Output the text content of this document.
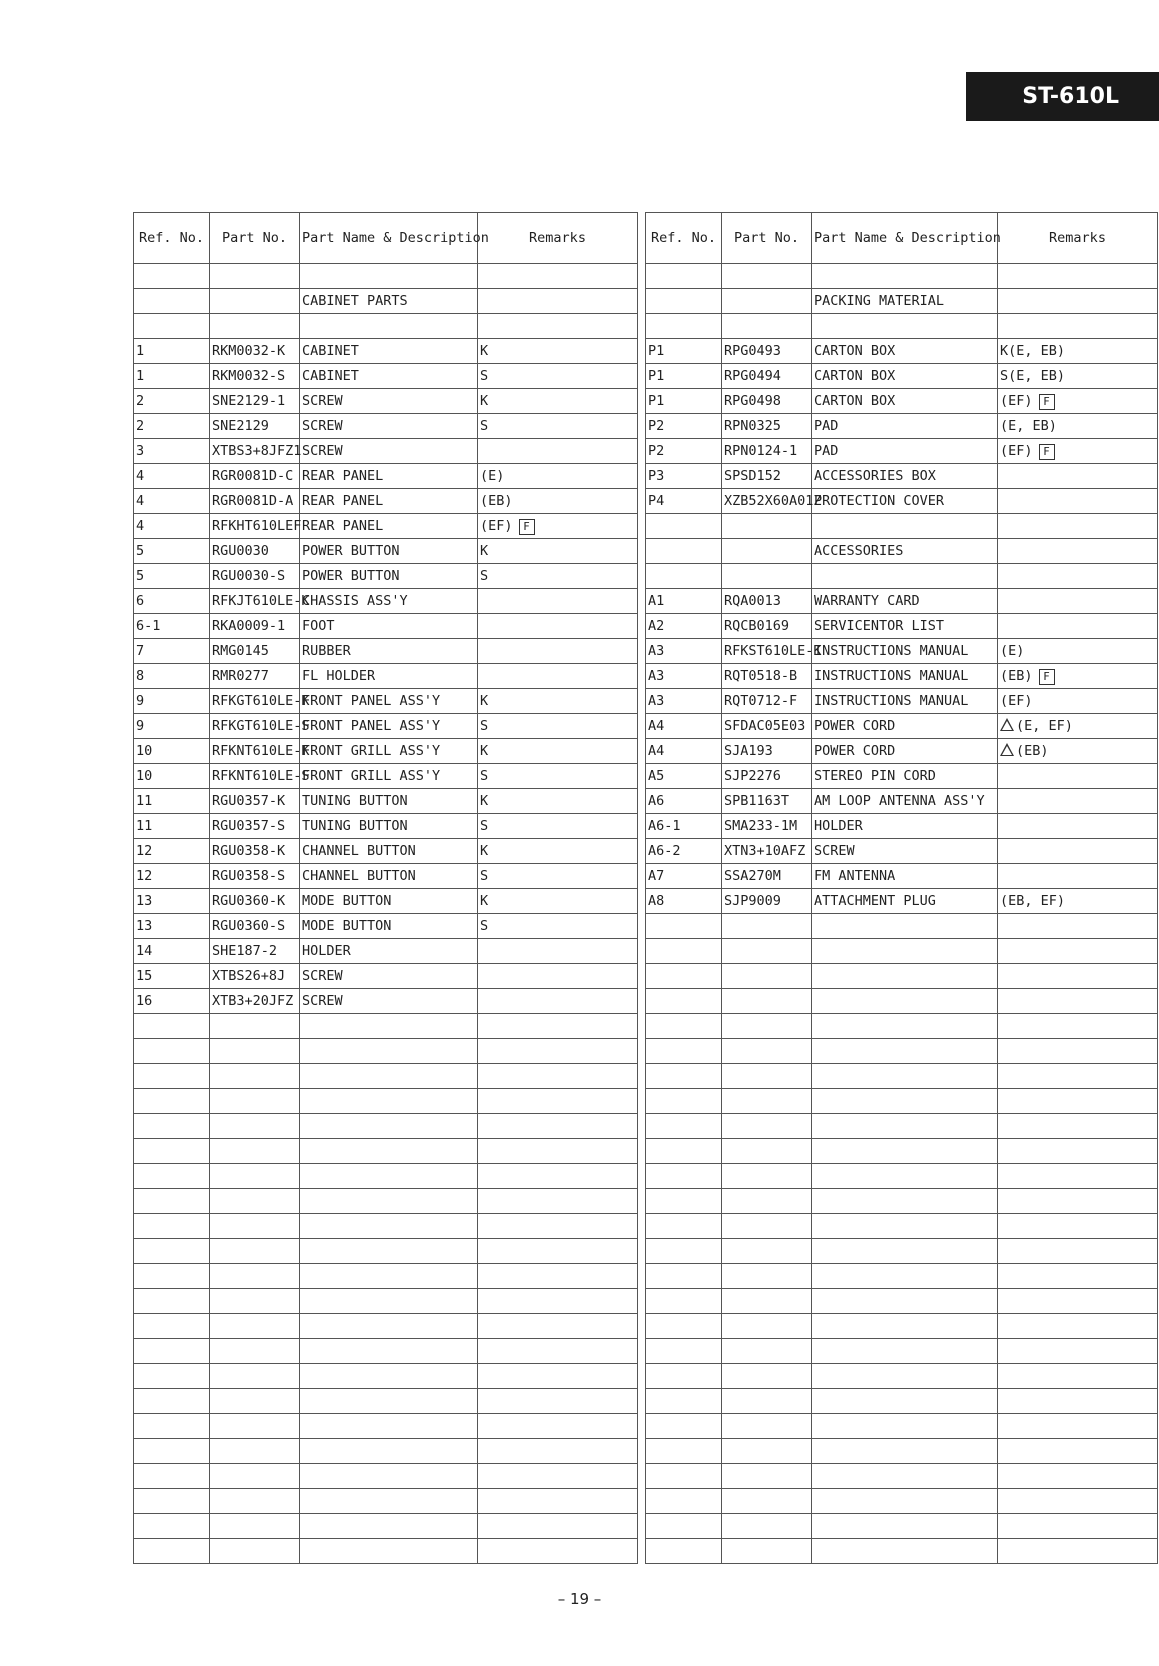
ST-610L
Ref. No.	Part No.	Part Name & Description	Remarks

		CABINET PARTS	

1	RKM0032-K	CABINET	K
1	RKM0032-S	CABINET	S
2	SNE2129-1	SCREW	K
2	SNE2129	SCREW	S
3	XTBS3+8JFZ1	SCREW	
4	RGR0081D-C	REAR PANEL	(E)
4	RGR0081D-A	REAR PANEL	(EB)
4	RFKHT610LEF	REAR PANEL	(EF) F
5	RGU0030	POWER BUTTON	K
5	RGU0030-S	POWER BUTTON	S
6	RFKJT610LE-K	CHASSIS ASS'Y	
6-1	RKA0009-1	FOOT	
7	RMG0145	RUBBER	
8	RMR0277	FL HOLDER	
9	RFKGT610LE-K	FRONT PANEL ASS'Y	K
9	RFKGT610LE-S	FRONT PANEL ASS'Y	S
10	RFKNT610LE-K	FRONT GRILL ASS'Y	K
10	RFKNT610LE-S	FRONT GRILL ASS'Y	S
11	RGU0357-K	TUNING BUTTON	K
11	RGU0357-S	TUNING BUTTON	S
12	RGU0358-K	CHANNEL BUTTON	K
12	RGU0358-S	CHANNEL BUTTON	S
13	RGU0360-K	MODE BUTTON	K
13	RGU0360-S	MODE BUTTON	S
14	SHE187-2	HOLDER	
15	XTBS26+8J	SCREW	
16	XTB3+20JFZ	SCREW	

Ref. No.	Part No.	Part Name & Description	Remarks

		PACKING MATERIAL	

P1	RPG0493	CARTON BOX	K(E, EB)
P1	RPG0494	CARTON BOX	S(E, EB)
P1	RPG0498	CARTON BOX	(EF) F
P2	RPN0325	PAD	(E, EB)
P2	RPN0124-1	PAD	(EF) F
P3	SPSD152	ACCESSORIES BOX	
P4	XZB52X60A01Z	PROTECTION COVER	

		ACCESSORIES	

A1	RQA0013	WARRANTY CARD	
A2	RQCB0169	SERVICENTOR LIST	
A3	RFKST610LE-K	INSTRUCTIONS MANUAL	(E)
A3	RQT0518-B	INSTRUCTIONS MANUAL	(EB) F
A3	RQT0712-F	INSTRUCTIONS MANUAL	(EF)
A4	SFDAC05E03	POWER CORD	(E, EF)
A4	SJA193	POWER CORD	(EB)
A5	SJP2276	STEREO PIN CORD	
A6	SPB1163T	AM LOOP ANTENNA ASS'Y	
A6-1	SMA233-1M	HOLDER	
A6-2	XTN3+10AFZ	SCREW	
A7	SSA270M	FM ANTENNA	
A8	SJP9009	ATTACHMENT PLUG	(EB, EF)

– 19 –
